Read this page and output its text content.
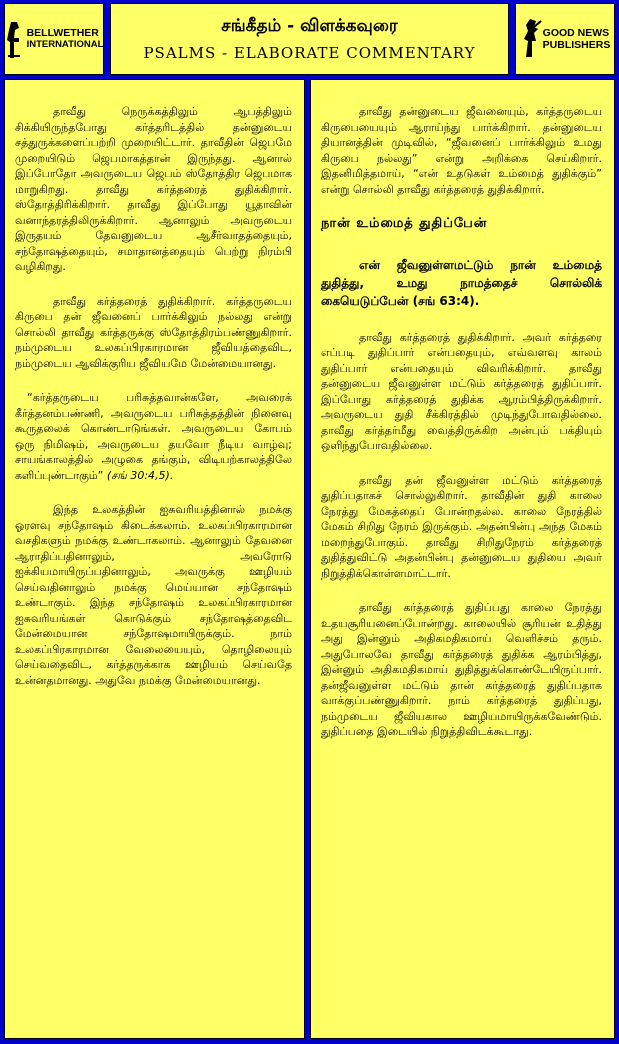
BELLWETHER
INTERNATIONAL
சங்கீதம் - விளக்கவுரை
PSALMS - ELABORATE COMMENTARY
GOOD NEWS
PUBLISHERS

தாவீது நெருக்கத்திலும் ஆபத்திலும் சிக்கியிருந்தபோது கர்த்தரிடத்தில் தன்னுடைய சத்துருக்களைப்பற்றி முறையிட்டார். தாவீதின் ஜெபமே முறையிடும் ஜெபமாகத்தான் இருந்தது. ஆனால் இப்போதோ அவருடைய ஜெபம் ஸ்தோத்திர ஜெபமாக மாறுகிறது. தாவீது கர்த்தரைத் துதிக்கிறார். ஸ்தோத்திரிக்கிறார். தாவீது இப்போது யூதாவின் வனாந்தரத்திலிருக்கிறார். ஆனாலும் அவருடைய இருதயம் தேவனுடைய ஆசீர்வாதத்தையும், சந்தோஷத்தையும், சமாதானத்தையும் பெற்று நிரம்பி வழிகிறது.

தாவீது கர்த்தரைத் துதிக்கிறார். கர்த்தருடைய கிருபை தன் ஜீவனைப் பார்க்கிலும் நல்லது என்று சொல்லி தாவீது கர்த்தருக்கு ஸ்தோத்திரம்பண்ணுகிறார். நம்முடைய உலகப்பிரகாரமான ஜீவியத்தைவிட, நம்முடைய ஆவிக்குரிய ஜீவியமே மேன்மையானது.

“கர்த்தருடைய பரிசுத்தவான்களே, அவரைக் கீர்த்தனம்பண்ணி, அவருடைய பரிசுத்தத்தின் நினைவு கூருதலைக் கொண்டாடுங்கள். அவருடைய கோபம் ஒரு நிமிஷம், அவருடைய தயவோ நீடிய வாழ்வு; சாயங்காலத்தில் அழுகை தங்கும், விடியற்காலத்திலே களிப்புண்டாகும்” (சங் 30:4,5).

இந்த உலகத்தின் ஐசுவரியத்தினால் நமக்கு ஓரளவு சந்தோஷம் கிடைக்கலாம். உலகப்பிரகாரமான வசதிகளும் நமக்கு உண்டாகலாம். ஆனாலும் தேவனை ஆராதிப்பதினாலும், அவரோடு ஐக்கியமாயிருப்பதினாலும், அவருக்கு ஊழியம் செய்வதினாலும் நமக்கு மெய்யான சந்தோஷம் உண்டாகும். இந்த சந்தோஷம் உலகப்பிரகாரமான ஐசுவரியங்கள் கொடுக்கும் சந்தோஷத்தைவிட மேன்மையான சந்தோஷமாயிருக்கும். நாம் உலகப்பிரகாரமான வேலையையும், தொழிலையும் செய்வதைவிட, கர்த்தருக்காக ஊழியம் செய்வதே உன்னதமானது. அதுவே நமக்கு மேன்மையானது.

தாவீது தன்னுடைய ஜீவனையும், கர்த்தருடைய கிருபையையும் ஆராய்ந்து பார்க்கிறார். தன்னுடைய தியானத்தின் முடிவில், “ஜீவனைப் பார்க்கிலும் உமது கிருபை நல்லது” என்று அறிக்கை செய்கிறார். இதனிமித்தமாய், “என் உதடுகள் உம்மைத் துதிக்கும்” என்று சொல்லி தாவீது கர்த்தரைத் துதிக்கிறார்.

நான் உம்மைத் துதிப்பேன்
என் ஜீவனுள்ளமட்டும் நான் உம்மைத் துதித்து, உமது நாமத்தைச் சொல்லிக் கையெடுப்பேன் (சங் 63:4).

தாவீது கர்த்தரைத் துதிக்கிறார். அவர் கர்த்தரை எப்படி துதிப்பார் என்பதையும், எவ்வளவு காலம் துதிப்பார் என்பதையும் விவரிக்கிறார். தாவீது தன்னுடைய ஜீவனுள்ள மட்டும் கர்த்தரைத் துதிப்பார். இப்போது கர்த்தரைத் துதிக்க ஆரம்பித்திருக்கிறார். அவருடைய துதி சீக்கிரத்தில் முடிந்துபோவதில்லை. தாவீது கர்த்தர்மீது வைத்திருக்கிற அன்பும் பக்தியும் ஒளிந்துபோவதில்லை.

தாவீது தன் ஜீவனுள்ள மட்டும் கர்த்தரைத் துதிப்பதாகச் சொல்லுகிறார். தாவீதின் துதி காலை நேரத்து மேகத்தைப் போன்றதல்ல. காலை நேரத்தில் மேகம் சிறிது நேரம் இருக்கும். அதன்பின்பு அந்த மேகம் மறைந்துபோகும். தாவீது சிறிதுநேரம் கர்த்தரைத் துதித்துவிட்டு அதன்பின்பு தன்னுடைய துதியை அவர் நிறுத்திக்கொள்ளமாட்டார்.

தாவீது கர்த்தரைத் துதிப்பது காலை நேரத்து உதயசூரியனைப்போன்றது. காலையில் சூரியன் உதித்து அது இன்னும் அதிகமதிகமாய் வெளிச்சம் தரும். அதுபோலவே தாவீது கர்த்தரைத் துதிக்க ஆரம்பித்து, இன்னும் அதிகமதிகமாய் துதித்துக்கொண்டேயிருப்பார். தன்ஜீவனுள்ள மட்டும் தான் கர்த்தரைத் துதிப்பதாக வாக்குப்பண்ணுகிறார். நாம் கர்த்தரைத் துதிப்பது, நம்முடைய ஜீவியகால ஊழியமாயிருக்கவேண்டும். துதிப்பதை இடையில் நிறுத்திவிடக்கூடாது.
